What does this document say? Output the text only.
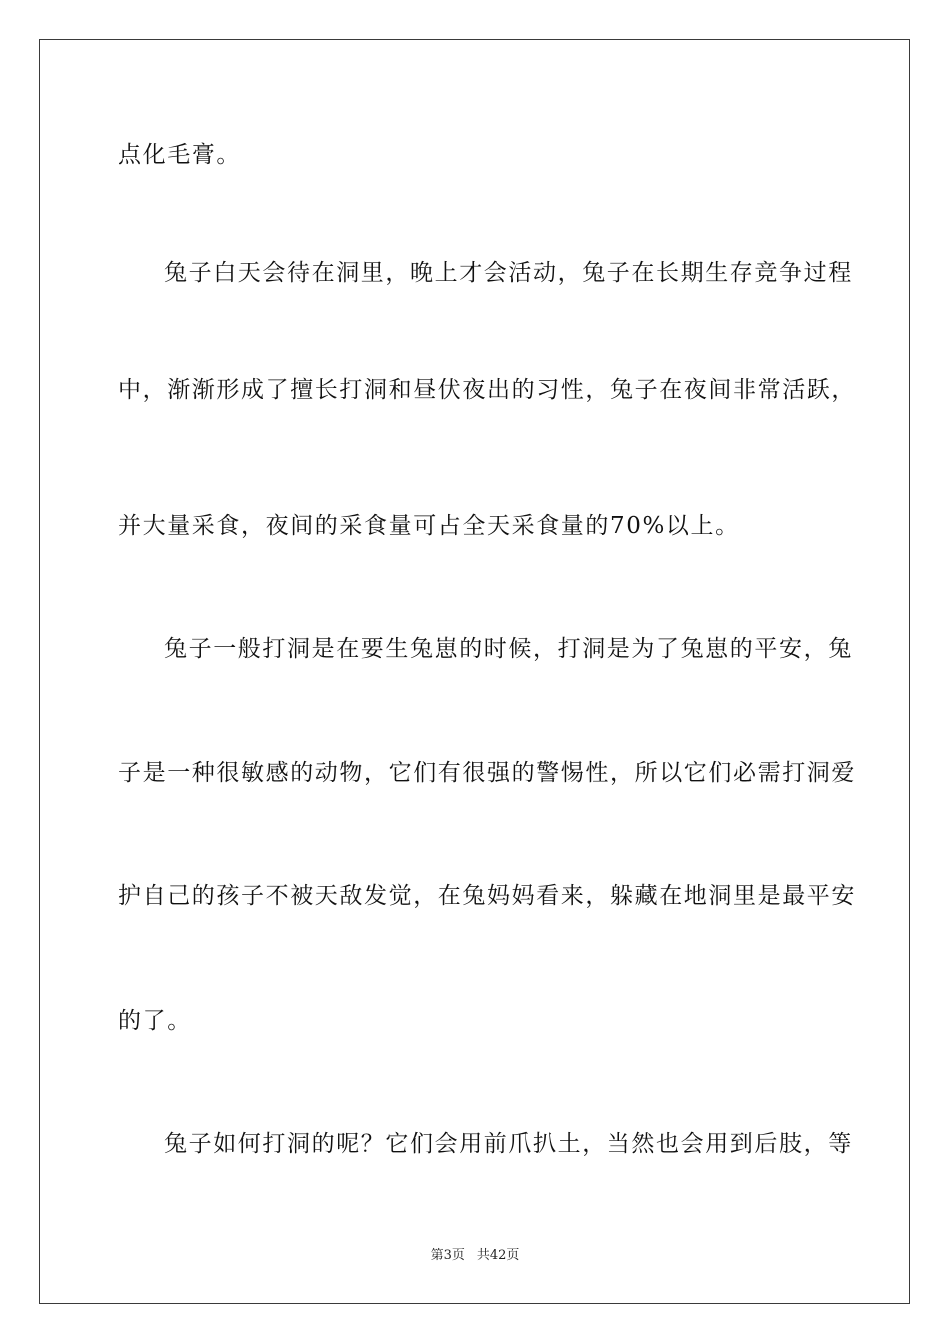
点化毛膏。
兔子白天会待在洞里，晚上才会活动，兔子在长期生存竞争过程
中，渐渐形成了擅长打洞和昼伏夜出的习性，兔子在夜间非常活跃，
并大量采食，夜间的采食量可占全天采食量的70%以上。
兔子一般打洞是在要生兔崽的时候，打洞是为了兔崽的平安，兔
子是一种很敏感的动物，它们有很强的警惕性，所以它们必需打洞爱
护自己的孩子不被天敌发觉，在兔妈妈看来，躲藏在地洞里是最平安
的了。
兔子如何打洞的呢？它们会用前爪扒土，当然也会用到后肢，等
第3页 共42页
